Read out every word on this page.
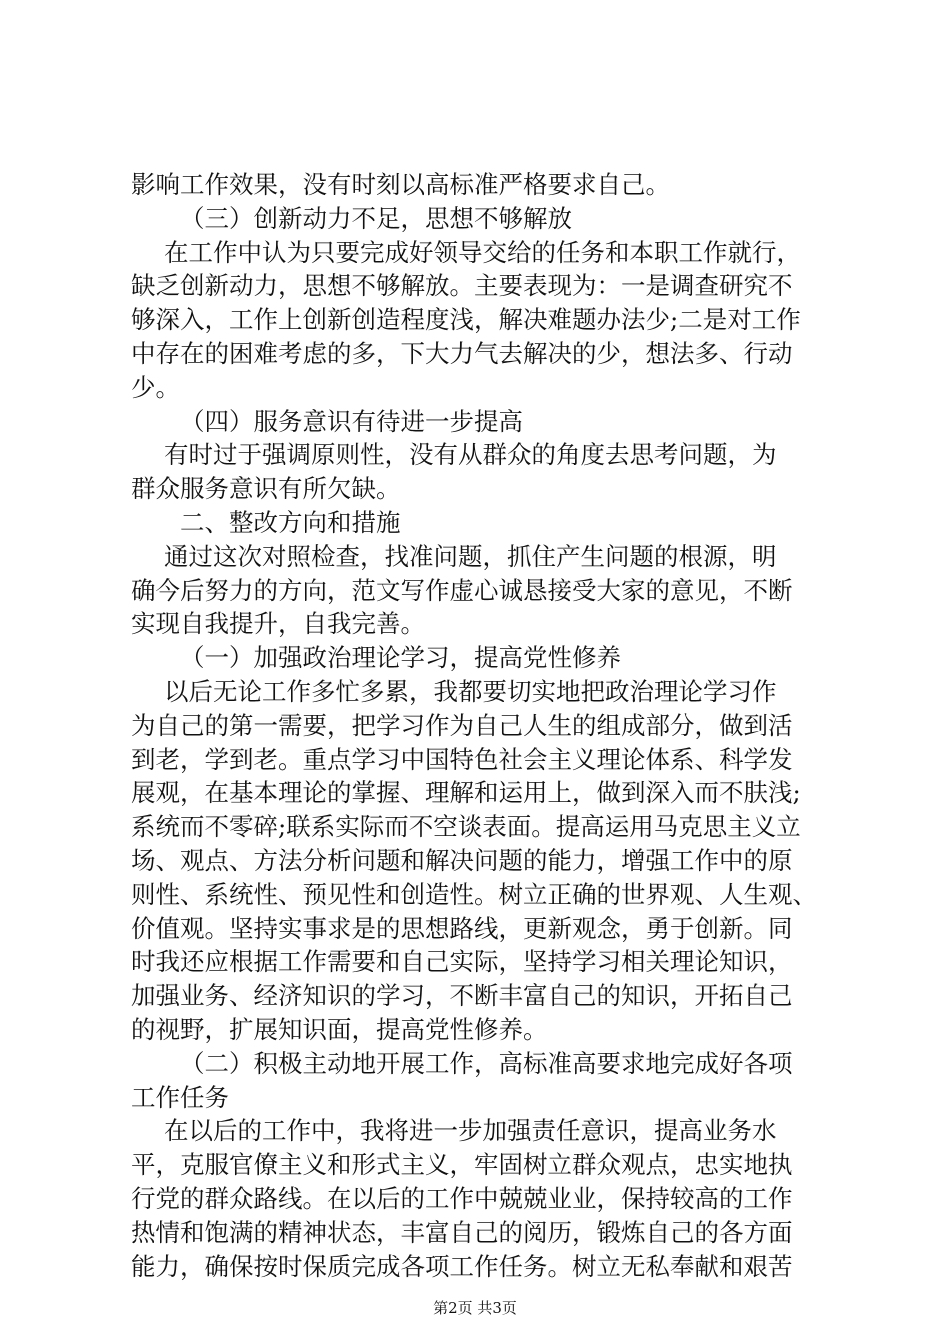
影响工作效果，没有时刻以高标准严格要求自己。
（三）创新动力不足，思想不够解放
在工作中认为只要完成好领导交给的任务和本职工作就行，
缺乏创新动力，思想不够解放。主要表现为：一是调查研究不
够深入，工作上创新创造程度浅，解决难题办法少;二是对工作
中存在的困难考虑的多，下大力气去解决的少，想法多、行动
少。
（四）服务意识有待进一步提高
有时过于强调原则性，没有从群众的角度去思考问题，为
群众服务意识有所欠缺。
二、整改方向和措施
通过这次对照检查，找准问题，抓住产生问题的根源，明
确今后努力的方向，范文写作虚心诚恳接受大家的意见，不断
实现自我提升，自我完善。
（一）加强政治理论学习，提高党性修养
以后无论工作多忙多累，我都要切实地把政治理论学习作
为自己的第一需要，把学习作为自己人生的组成部分，做到活
到老，学到老。重点学习中国特色社会主义理论体系、科学发
展观，在基本理论的掌握、理解和运用上，做到深入而不肤浅;
系统而不零碎;联系实际而不空谈表面。提高运用马克思主义立
场、观点、方法分析问题和解决问题的能力，增强工作中的原
则性、系统性、预见性和创造性。树立正确的世界观、人生观、
价值观。坚持实事求是的思想路线，更新观念，勇于创新。同
时我还应根据工作需要和自己实际，坚持学习相关理论知识，
加强业务、经济知识的学习，不断丰富自己的知识，开拓自己
的视野，扩展知识面，提高党性修养。
（二）积极主动地开展工作，高标准高要求地完成好各项
工作任务
在以后的工作中，我将进一步加强责任意识，提高业务水
平，克服官僚主义和形式主义，牢固树立群众观点，忠实地执
行党的群众路线。在以后的工作中兢兢业业，保持较高的工作
热情和饱满的精神状态，丰富自己的阅历，锻炼自己的各方面
能力，确保按时保质完成各项工作任务。树立无私奉献和艰苦
第2页 共3页
